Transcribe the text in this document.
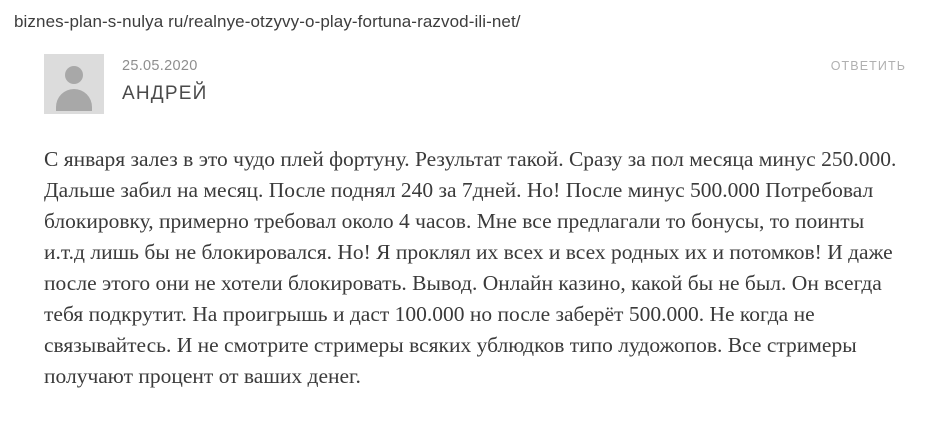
biznes-plan-s-nulya ru/realnye-otzyvy-o-play-fortuna-razvod-ili-net/
25.05.2020
АНДРЕЙ
ОТВЕТИТЬ
С января залез в это чудо плей фортуну. Результат такой. Сразу за пол месяца минус 250.000. Дальше забил на месяц. После поднял 240 за 7дней. Но! После минус 500.000 Потребовал блокировку, примерно требовал около 4 часов. Мне все предлагали то бонусы, то поинты и.т.д лишь бы не блокировался. Но! Я проклял их всех и всех родных их и потомков! И даже после этого они не хотели блокировать. Вывод. Онлайн казино, какой бы не был. Он всегда тебя подкрутит. На проигрышь и даст 100.000 но после заберёт 500.000. Не когда не связывайтесь. И не смотрите стримеры всяких ублюдков типо лудожопов. Все стримеры получают процент от ваших денег.
